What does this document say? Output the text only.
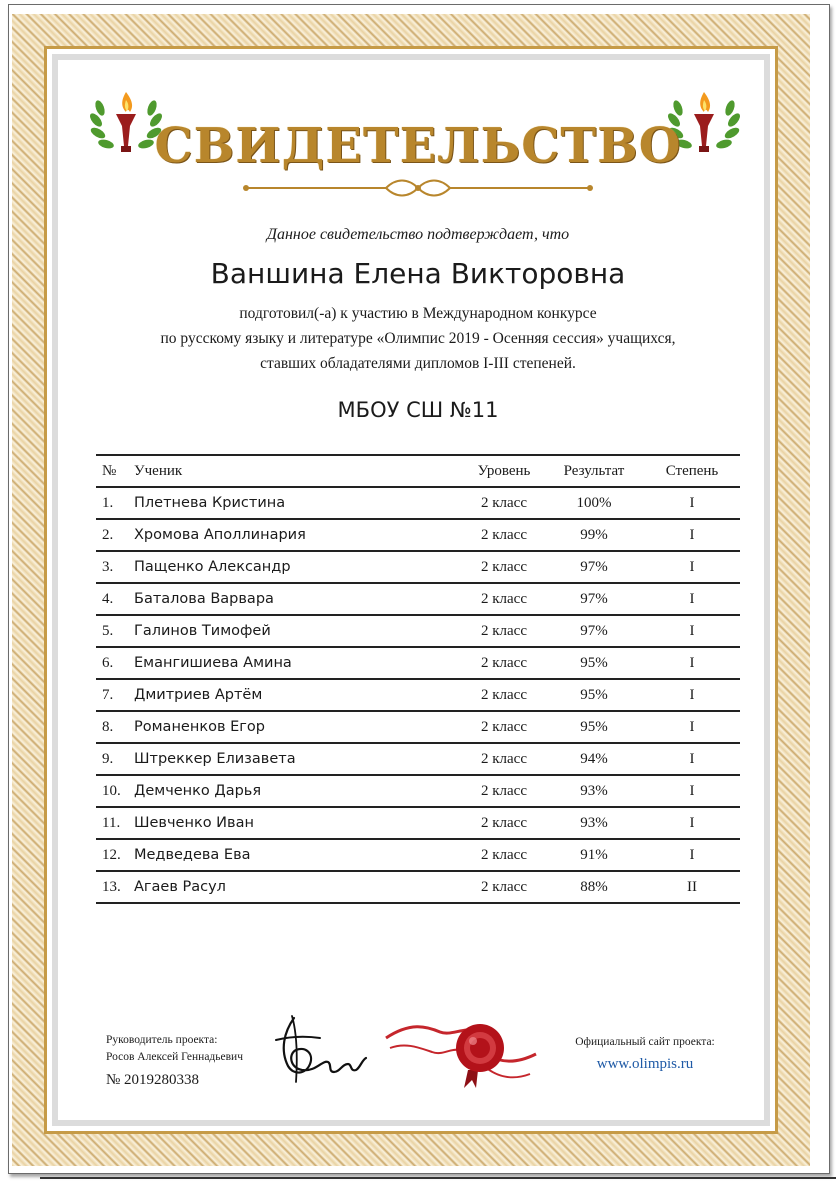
СВИДЕТЕЛЬСТВО
Данное свидетельство подтверждает, что
Ваншина Елена Викторовна
подготовил(-а) к участию в Международном конкурсе
по русскому языку и литературе «Олимпис 2019 - Осенняя сессия» учащихся,
ставших обладателями дипломов I-III степеней.
МБОУ СШ №11
№	Ученик	Уровень	Результат	Степень
1.	Плетнева Кристина	2 класс	100%	I
2.	Хромова Аполлинария	2 класс	99%	I
3.	Пащенко Александр	2 класс	97%	I
4.	Баталова Варвара	2 класс	97%	I
5.	Галинов Тимофей	2 класс	97%	I
6.	Емангишиева Амина	2 класс	95%	I
7.	Дмитриев Артём	2 класс	95%	I
8.	Романенков Егор	2 класс	95%	I
9.	Штреккер Елизавета	2 класс	94%	I
10.	Демченко Дарья	2 класс	93%	I
11.	Шевченко Иван	2 класс	93%	I
12.	Медведева Ева	2 класс	91%	I
13.	Агаев Расул	2 класс	88%	II
Руководитель проекта:
Росов Алексей Геннадьевич
№ 2019280338
Официальный сайт проекта:
www.olimpis.ru
